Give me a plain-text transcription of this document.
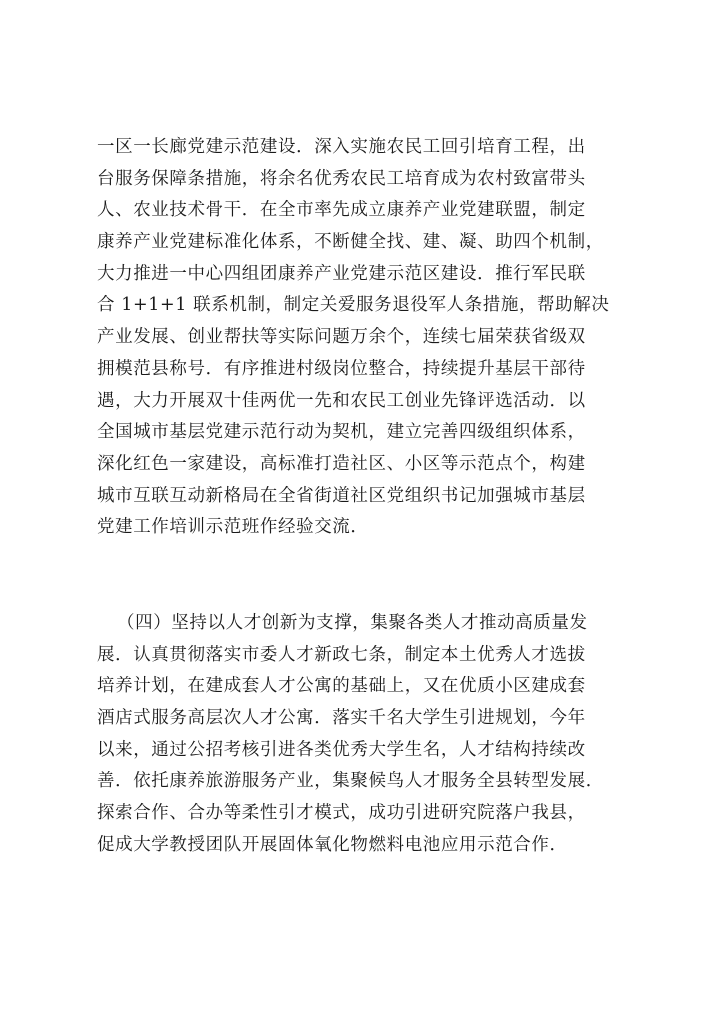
一区一长廊党建示范建设．深入实施农民工回引培育工程，出
台服务保障条措施，将余名优秀农民工培育成为农村致富带头
人、农业技术骨干．在全市率先成立康养产业党建联盟，制定
康养产业党建标准化体系，不断健全找、建、凝、助四个机制，
大力推进一中心四组团康养产业党建示范区建设．推行军民联
合 1+1+1 联系机制，制定关爱服务退役军人条措施，帮助解决
产业发展、创业帮扶等实际问题万余个，连续七届荣获省级双
拥模范县称号．有序推进村级岗位整合，持续提升基层干部待
遇，大力开展双十佳两优一先和农民工创业先锋评选活动．以
全国城市基层党建示范行动为契机，建立完善四级组织体系，
深化红色一家建设，高标准打造社区、小区等示范点个，构建
城市互联互动新格局在全省街道社区党组织书记加强城市基层
党建工作培训示范班作经验交流．
（四）坚持以人才创新为支撑，集聚各类人才推动高质量发
展．认真贯彻落实市委人才新政七条，制定本土优秀人才选拔
培养计划，在建成套人才公寓的基础上，又在优质小区建成套
酒店式服务高层次人才公寓．落实千名大学生引进规划，今年
以来，通过公招考核引进各类优秀大学生名，人才结构持续改
善．依托康养旅游服务产业，集聚候鸟人才服务全县转型发展．
探索合作、合办等柔性引才模式，成功引进研究院落户我县，
促成大学教授团队开展固体氧化物燃料电池应用示范合作．
